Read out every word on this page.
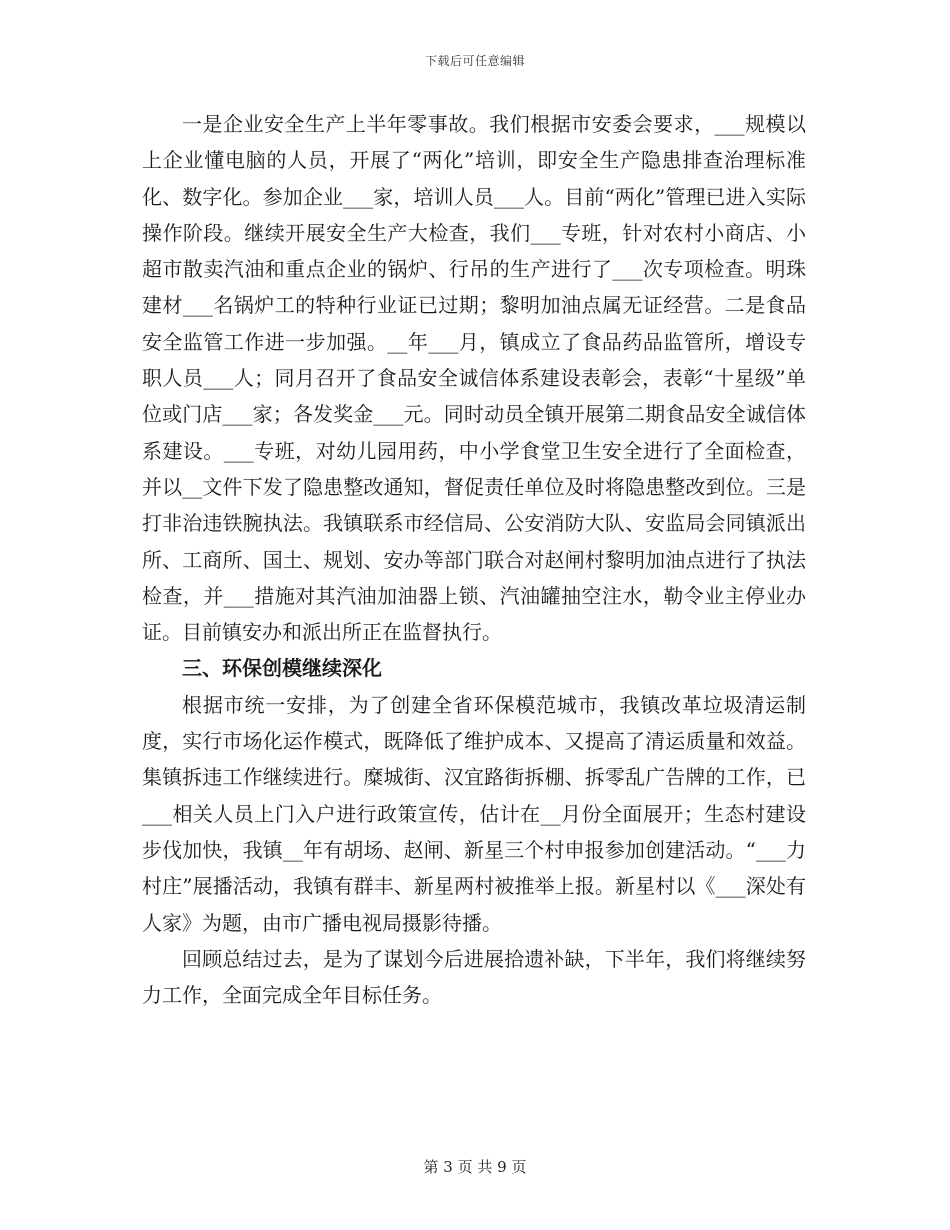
下载后可任意编辑

一是企业安全生产上半年零事故。我们根据市安委会要求，___规模以上企业懂电脑的人员，开展了“两化”培训，即安全生产隐患排查治理标准化、数字化。参加企业___家，培训人员___人。目前“两化”管理已进入实际操作阶段。继续开展安全生产大检查，我们___专班，针对农村小商店、小超市散卖汽油和重点企业的锅炉、行吊的生产进行了___次专项检查。明珠建材___名锅炉工的特种行业证已过期；黎明加油点属无证经营。二是食品安全监管工作进一步加强。__年___月，镇成立了食品药品监管所，增设专职人员___人；同月召开了食品安全诚信体系建设表彰会，表彰“十星级”单位或门店___家；各发奖金___元。同时动员全镇开展第二期食品安全诚信体系建设。___专班，对幼儿园用药，中小学食堂卫生安全进行了全面检查，并以__文件下发了隐患整改通知，督促责任单位及时将隐患整改到位。三是打非治违铁腕执法。我镇联系市经信局、公安消防大队、安监局会同镇派出所、工商所、国土、规划、安办等部门联合对赵闸村黎明加油点进行了执法检查，并___措施对其汽油加油器上锁、汽油罐抽空注水，勒令业主停业办证。目前镇安办和派出所正在监督执行。

三、环保创模继续深化

根据市统一安排，为了创建全省环保模范城市，我镇改革垃圾清运制度，实行市场化运作模式，既降低了维护成本、又提高了清运质量和效益。集镇拆违工作继续进行。糜城街、汉宜路街拆棚、拆零乱广告牌的工作，已___相关人员上门入户进行政策宣传，估计在__月份全面展开；生态村建设步伐加快，我镇__年有胡场、赵闸、新星三个村申报参加创建活动。“___力村庄”展播活动，我镇有群丰、新星两村被推举上报。新星村以《___深处有人家》为题，由市广播电视局摄影待播。

回顾总结过去，是为了谋划今后进展拾遗补缺，下半年，我们将继续努力工作，全面完成全年目标任务。

第 3 页 共 9 页
